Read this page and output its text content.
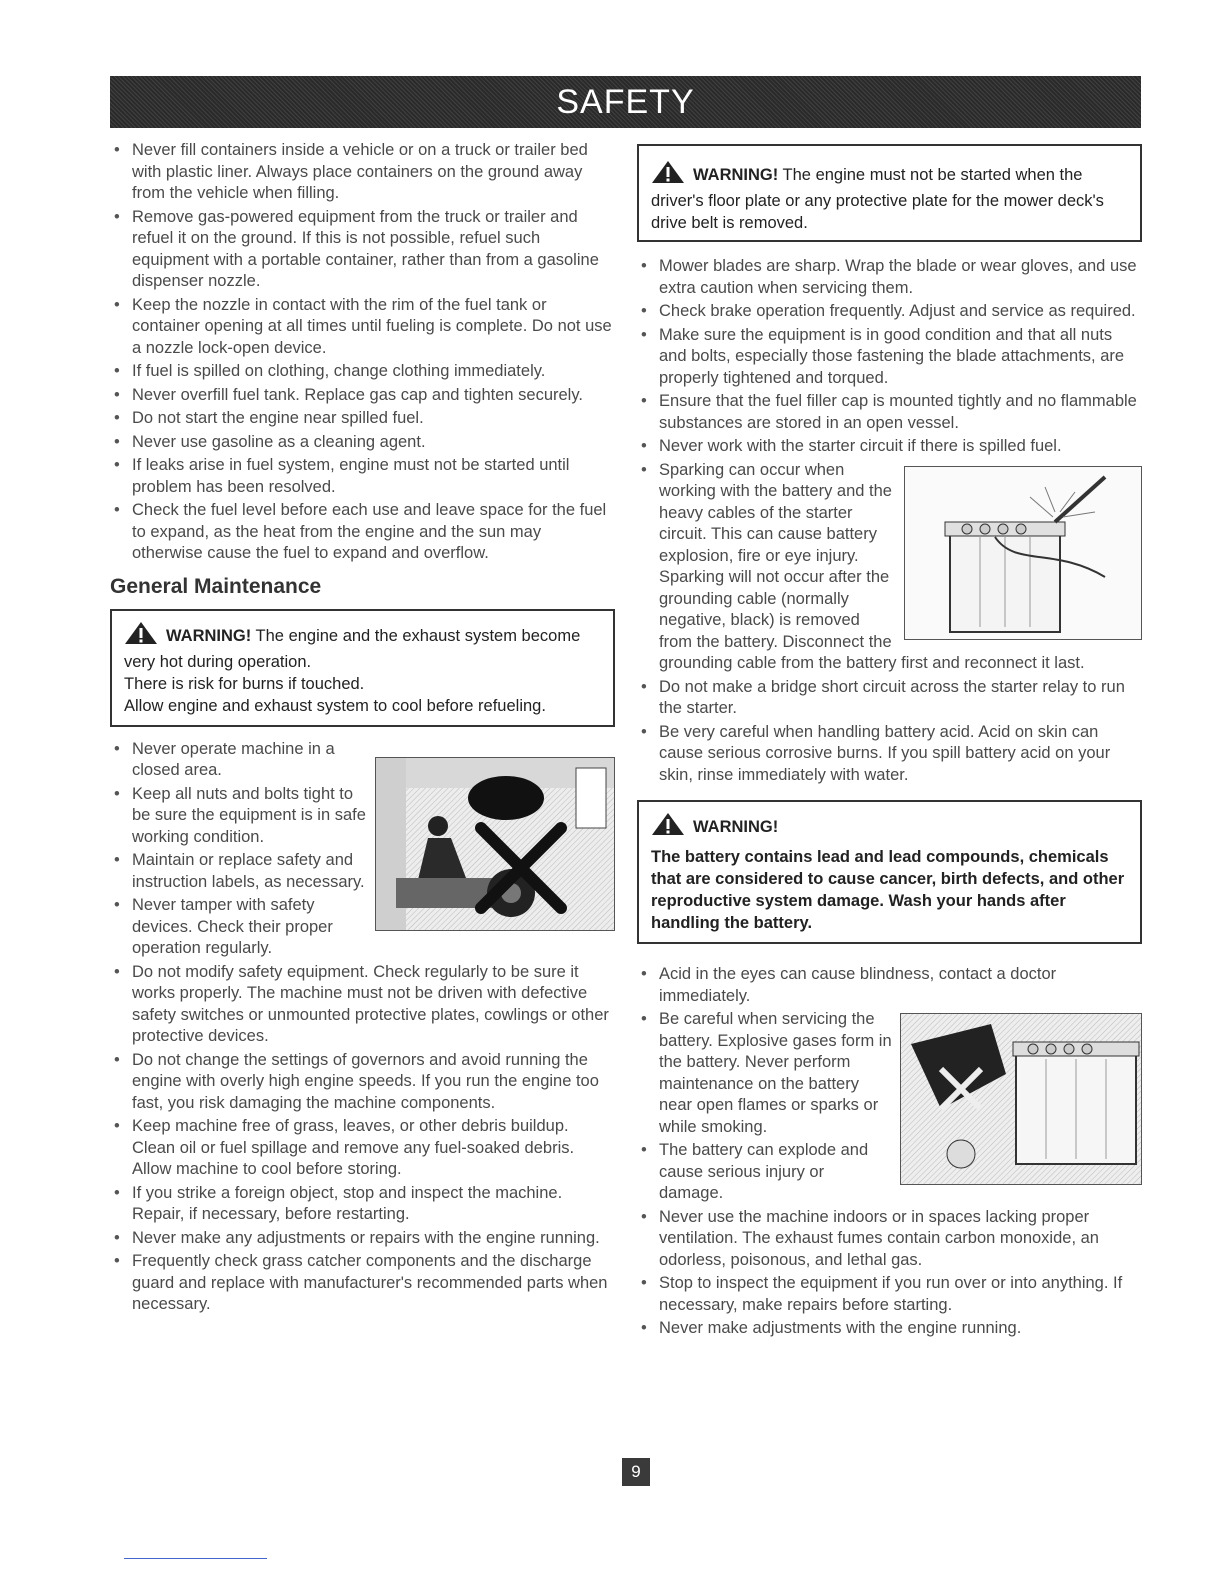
SAFETY
• Never fill containers inside a vehicle or on a truck or trailer bed with plastic liner. Always place containers on the ground away from the vehicle when filling.
• Remove gas-powered equipment from the truck or trailer and refuel it on the ground. If this is not possible, refuel such equipment with a portable container, rather than from a gasoline dispenser nozzle.
• Keep the nozzle in contact with the rim of the fuel tank or container opening at all times until fueling is complete. Do not use a nozzle lock-open device.
• If fuel is spilled on clothing, change clothing immediately.
• Never overfill fuel tank. Replace gas cap and tighten securely.
• Do not start the engine near spilled fuel.
• Never use gasoline as a cleaning agent.
• If leaks arise in fuel system, engine must not be started until problem has been resolved.
• Check the fuel level before each use and leave space for the fuel to expand, as the heat from the engine and the sun may otherwise cause the fuel to expand and overflow.
General Maintenance
WARNING! The engine and the exhaust system become very hot during operation.
There is risk for burns if touched.
Allow engine and exhaust system to cool before refueling.
• Never operate machine in a closed area.
• Keep all nuts and bolts tight to be sure the equipment is in safe working condition.
• Maintain or replace safety and instruction labels, as necessary.
• Never tamper with safety devices. Check their proper operation regularly.
• Do not modify safety equipment. Check regularly to be sure it works properly. The machine must not be driven with defective safety switches or unmounted protective plates, cowlings or other protective devices.
• Do not change the settings of governors and avoid running the engine with overly high engine speeds. If you run the engine too fast, you risk damaging the machine components.
• Keep machine free of grass, leaves, or other debris buildup. Clean oil or fuel spillage and remove any fuel-soaked debris. Allow machine to cool before storing.
• If you strike a foreign object, stop and inspect the machine. Repair, if necessary, before restarting.
• Never make any adjustments or repairs with the engine running.
• Frequently check grass catcher components and the discharge guard and replace with manufacturer's recommended parts when necessary.
WARNING! The engine must not be started when the driver's floor plate or any protective plate for the mower deck's drive belt is removed.
• Mower blades are sharp. Wrap the blade or wear gloves, and use extra caution when servicing them.
• Check brake operation frequently. Adjust and service as required.
• Make sure the equipment is in good condition and that all nuts and bolts, especially those fastening the blade attachments, are properly tightened and torqued.
• Ensure that the fuel filler cap is mounted tightly and no flammable substances are stored in an open vessel.
• Never work with the starter circuit if there is spilled fuel.
• Sparking can occur when working with the battery and the heavy cables of the starter circuit. This can cause battery explosion, fire or eye injury. Sparking will not occur after the grounding cable (normally negative, black) is removed from the battery. Disconnect the grounding cable from the battery first and reconnect it last.
• Do not make a bridge short circuit across the starter relay to run the starter.
• Be very careful when handling battery acid. Acid on skin can cause serious corrosive burns. If you spill battery acid on your skin, rinse immediately with water.
WARNING!
The battery contains lead and lead compounds, chemicals that are considered to cause cancer, birth defects, and other reproductive system damage. Wash your hands after handling the battery.
• Acid in the eyes can cause blindness, contact a doctor immediately.
• Be careful when servicing the battery. Explosive gases form in the battery. Never perform maintenance on the battery near open flames or sparks or while smoking.
• The battery can explode and cause serious injury or damage.
• Never use the machine indoors or in spaces lacking proper ventilation. The exhaust fumes contain carbon monoxide, an odorless, poisonous, and lethal gas.
• Stop to inspect the equipment if you run over or into anything. If necessary, make repairs before starting.
• Never make adjustments with the engine running.
9
